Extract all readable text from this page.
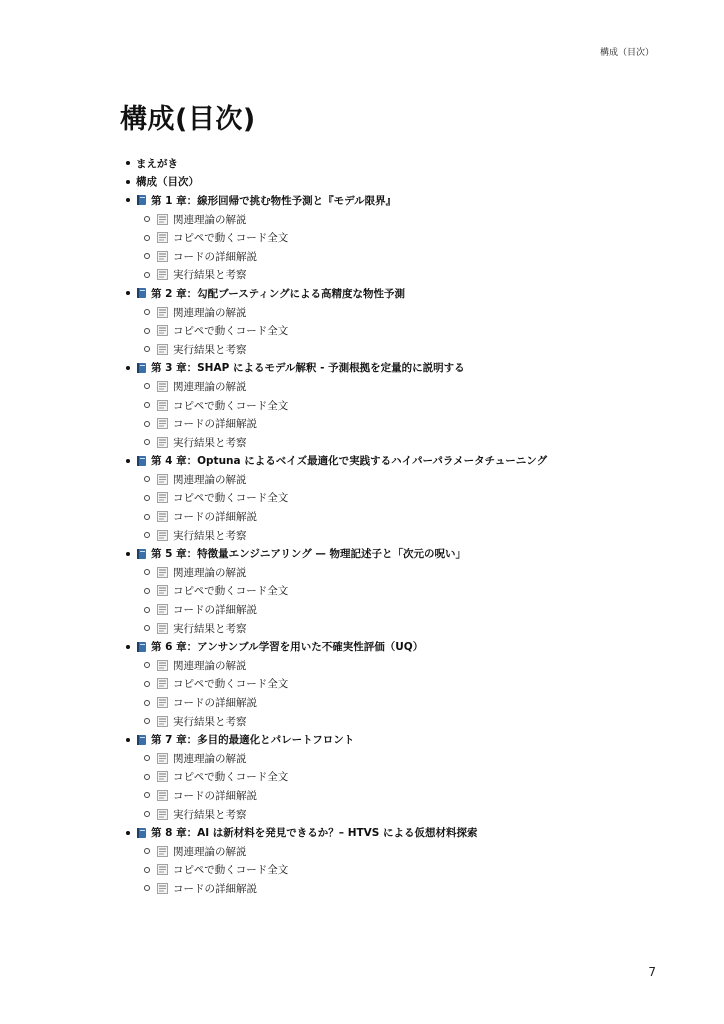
構成（目次）
構成(目次)
まえがき
構成（目次）
第 1 章：線形回帰で挑む物性予測と『モデル限界』
関連理論の解説
コピペで動くコード全文
コードの詳細解説
実行結果と考察
第 2 章：勾配ブースティングによる高精度な物性予測
関連理論の解説
コピペで動くコード全文
実行結果と考察
第 3 章：SHAP によるモデル解釈 - 予測根拠を定量的に説明する
関連理論の解説
コピペで動くコード全文
コードの詳細解説
実行結果と考察
第 4 章：Optuna によるベイズ最適化で実践するハイパーパラメータチューニング
関連理論の解説
コピペで動くコード全文
コードの詳細解説
実行結果と考察
第 5 章：特徴量エンジニアリング — 物理記述子と「次元の呪い」
関連理論の解説
コピペで動くコード全文
コードの詳細解説
実行結果と考察
第 6 章：アンサンブル学習を用いた不確実性評価（UQ）
関連理論の解説
コピペで動くコード全文
コードの詳細解説
実行結果と考察
第 7 章：多目的最適化とパレートフロント
関連理論の解説
コピペで動くコード全文
コードの詳細解説
実行結果と考察
第 8 章：AI は新材料を発見できるか？– HTVS による仮想材料探索
関連理論の解説
コピペで動くコード全文
コードの詳細解説
7
